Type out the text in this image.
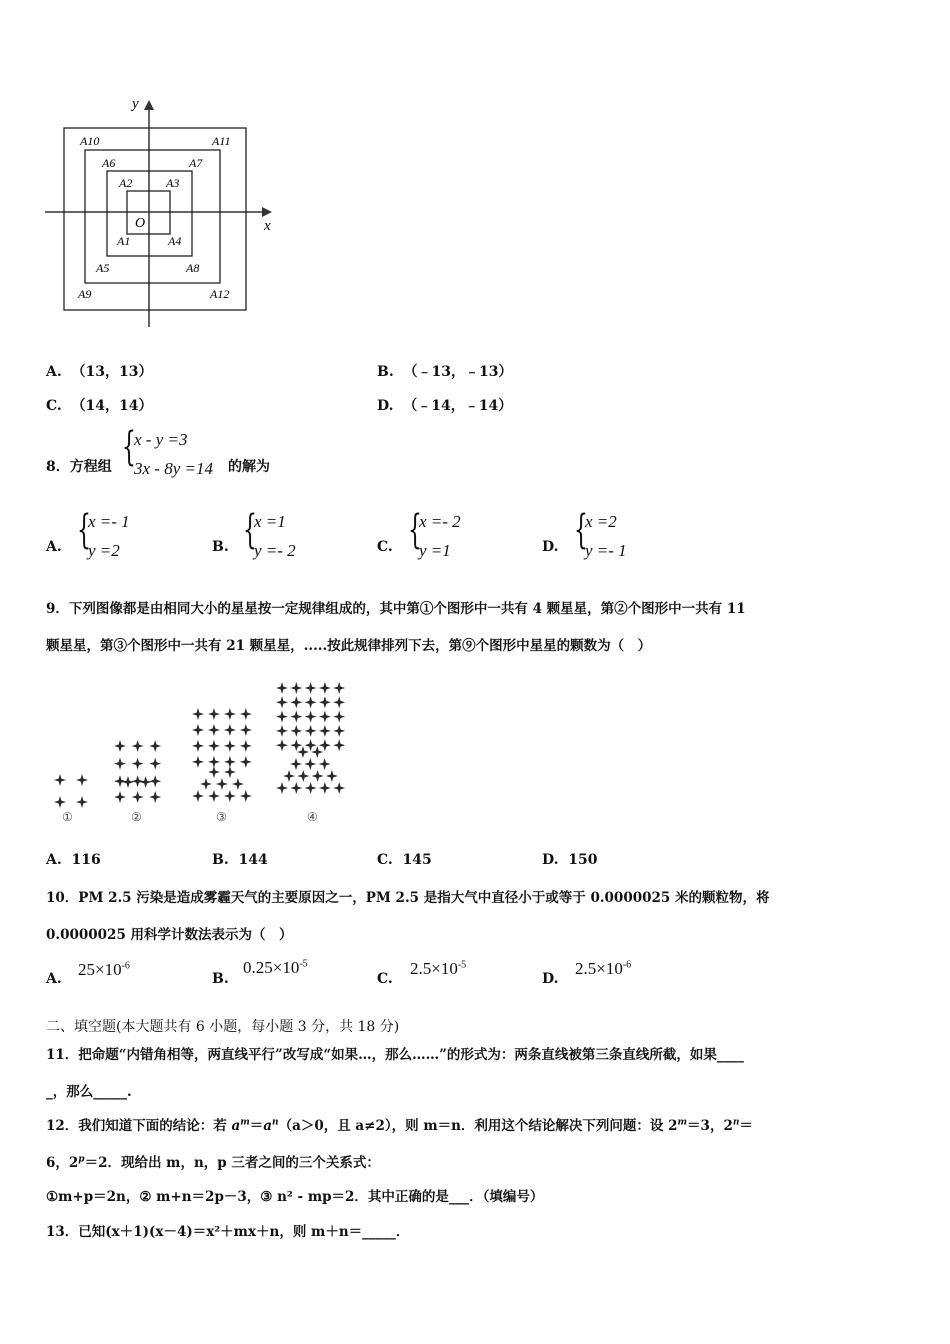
x
y
O
A1
A2	A3
A4
A5
A6	A7
A8
A9
A10	A11
A12
A. （13，13）	B. （﹣13，﹣13）
C. （14，14）	D. （﹣14，﹣14）
8．方程组 {
x - y =3
3x - 8y =14 的解为
A. {
x =- 1
y =2	B. {
x =1
y =- 2	C. {
x =- 2
y =1	D. {
x =2
y =- 1
9．下列图像都是由相同大小的星星按一定规律组成的，其中第①个图形中一共有 4 颗星星，第②个图形中一共有 11
颗星星，第③个图形中一共有 21 颗星星，.....按此规律排列下去，第⑨个图形中星星的颗数为（　）
①	②	③	④
A. 116	B. 144	C. 145	D. 150
10．PM 2.5 污染是造成雾霾天气的主要原因之一，PM 2.5 是指大气中直径小于或等于 0.0000025 米的颗粒物，将
0.0000025 用科学计数法表示为（　）
A. $25\times 10^{-6}$
B.
$0.25\times 10^{-5}$
C.
$2.5\times 10^{-5}$
D.
$2.5\times 10^{-6}$
二、填空题(本大题共有 6 小题，每小题 3 分，共 18 分)
11．把命题“内错角相等，两直线平行”改写成“如果…，那么……”的形式为：两条直线被第三条直线所截，如果____
_，那么_____.
12．我们知道下面的结论：若 $a^m=a^n(a>0$，且 a≠2），则 m＝n．利用这个结论解决下列问题：设 $2^m=3$，$2^n=$
6，$2^p=2$．现给出 m，n，p 三者之间的三个关系式：
①m+p＝2n，② m+n＝2p－3，③ n² - mp＝2．其中正确的是___．（填编号）
13．已知(x＋1)(x－4)＝x²＋mx＋n，则 m＋n＝_____．
